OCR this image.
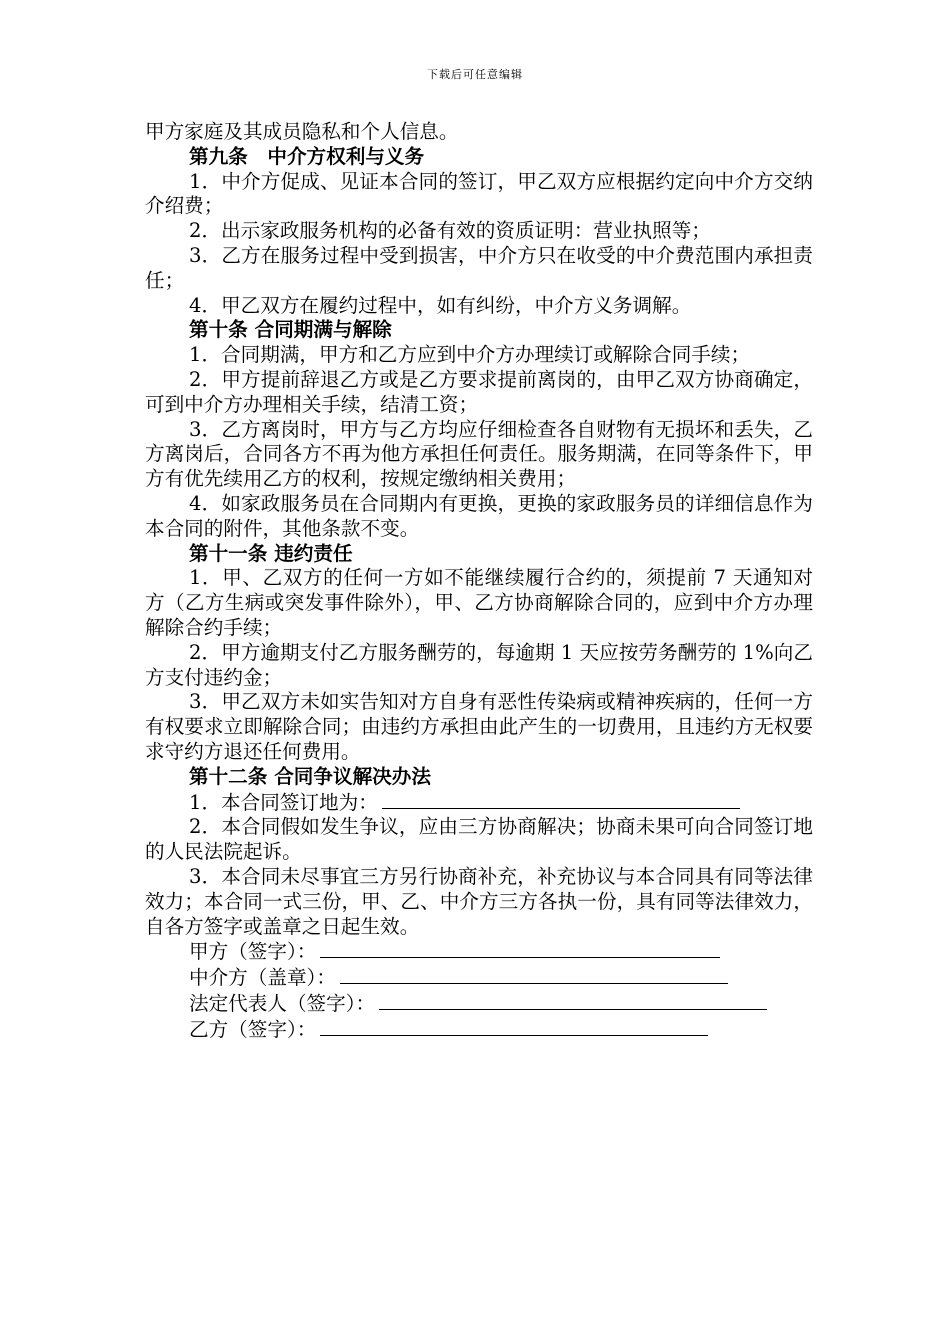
下载后可任意编辑

甲方家庭及其成员隐私和个人信息。

第九条　中介方权利与义务

1．中介方促成、见证本合同的签订，甲乙双方应根据约定向中介方交纳介绍费；

2．出示家政服务机构的必备有效的资质证明：营业执照等；

3．乙方在服务过程中受到损害，中介方只在收受的中介费范围内承担责任；

4．甲乙双方在履约过程中，如有纠纷，中介方义务调解。

第十条 合同期满与解除

1．合同期满，甲方和乙方应到中介方办理续订或解除合同手续；

2．甲方提前辞退乙方或是乙方要求提前离岗的，由甲乙双方协商确定，可到中介方办理相关手续，结清工资；

3．乙方离岗时，甲方与乙方均应仔细检查各自财物有无损坏和丢失，乙方离岗后，合同各方不再为他方承担任何责任。服务期满，在同等条件下，甲方有优先续用乙方的权利，按规定缴纳相关费用；

4．如家政服务员在合同期内有更换，更换的家政服务员的详细信息作为本合同的附件，其他条款不变。

第十一条 违约责任

1．甲、乙双方的任何一方如不能继续履行合约的，须提前 7 天通知对方（乙方生病或突发事件除外），甲、乙方协商解除合同的，应到中介方办理解除合约手续；

2．甲方逾期支付乙方服务酬劳的，每逾期 1 天应按劳务酬劳的 1%向乙方支付违约金；

3．甲乙双方未如实告知对方自身有恶性传染病或精神疾病的，任何一方有权要求立即解除合同；由违约方承担由此产生的一切费用，且违约方无权要求守约方退还任何费用。

第十二条 合同争议解决办法

1．本合同签订地为：

2．本合同假如发生争议，应由三方协商解决；协商未果可向合同签订地的人民法院起诉。

3．本合同未尽事宜三方另行协商补充，补充协议与本合同具有同等法律效力；本合同一式三份，甲、乙、中介方三方各执一份，具有同等法律效力，自各方签字或盖章之日起生效。

甲方（签字）：

中介方（盖章）：

法定代表人（签字）：

乙方（签字）：
